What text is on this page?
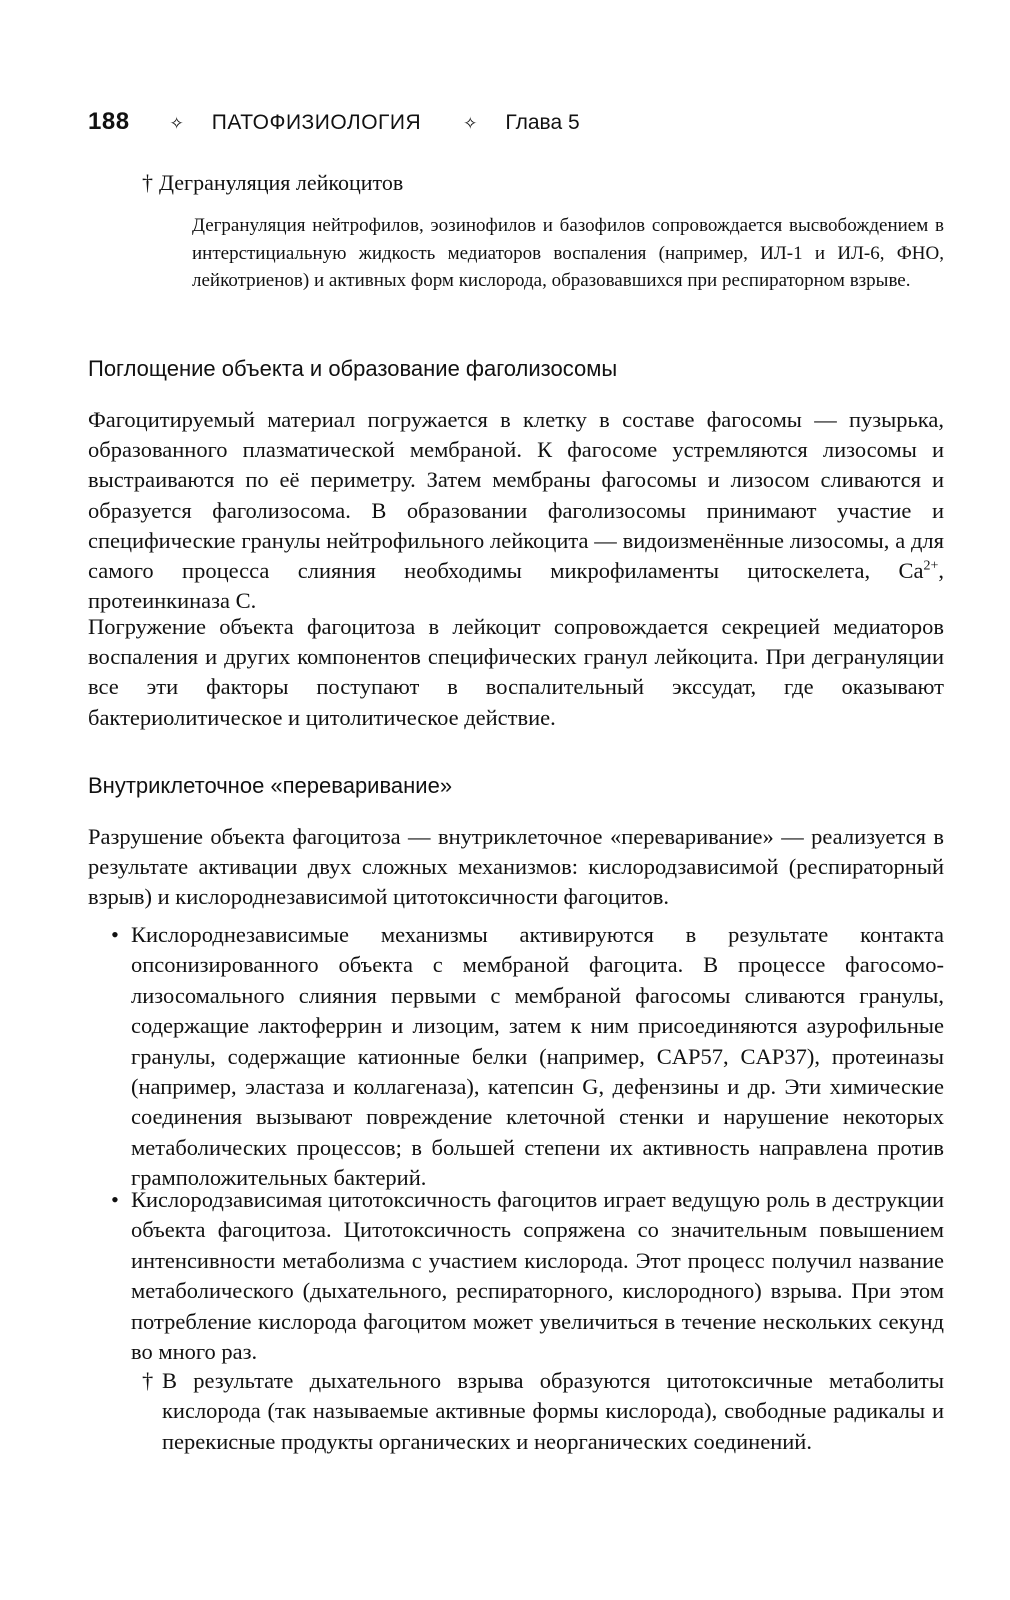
188 ✧ ПАТОФИЗИОЛОГИЯ ✧ Глава 5
† Дегрануляция лейкоцитов
Дегрануляция нейтрофилов, эозинофилов и базофилов сопровождается высвобождением в интерстициальную жидкость медиаторов воспаления (например, ИЛ-1 и ИЛ-6, ФНО, лейкотриенов) и активных форм кислорода, образовавшихся при респираторном взрыве.
Поглощение объекта и образование фаголизосомы
Фагоцитируемый материал погружается в клетку в составе фагосомы — пузырька, образованного плазматической мембраной. К фагосоме устремляются лизосомы и выстраиваются по её периметру. Затем мембраны фагосомы и лизосом сливаются и образуется фаголизосома. В образовании фаголизосомы принимают участие и специфические гранулы нейтрофильного лейкоцита — видоизменённые лизосомы, а для самого процесса слияния необходимы микрофиламенты цитоскелета, $Ca^{2+}$, протеинкиназа C.
Погружение объекта фагоцитоза в лейкоцит сопровождается секрецией медиаторов воспаления и других компонентов специфических гранул лейкоцита. При дегрануляции все эти факторы поступают в воспалительный экссудат, где оказывают бактериолитическое и цитолитическое действие.
Внутриклеточное «переваривание»
Разрушение объекта фагоцитоза — внутриклеточное «переваривание» — реализуется в результате активации двух сложных механизмов: кислородзависимой (респираторный взрыв) и кислороднезависимой цитотоксичности фагоцитов.
• Кислороднезависимые механизмы активируются в результате контакта опсонизированного объекта с мембраной фагоцита. В процессе фагосомо-лизосомального слияния первыми с мембраной фагосомы сливаются гранулы, содержащие лактоферрин и лизоцим, затем к ним присоединяются азурофильные гранулы, содержащие катионные белки (например, CAP57, CAP37), протеиназы (например, эластаза и коллагеназа), катепсин G, дефензины и др. Эти химические соединения вызывают повреждение клеточной стенки и нарушение некоторых метаболических процессов; в большей степени их активность направлена против грамположительных бактерий.
• Кислородзависимая цитотоксичность фагоцитов играет ведущую роль в деструкции объекта фагоцитоза. Цитотоксичность сопряжена со значительным повышением интенсивности метаболизма с участием кислорода. Этот процесс получил название метаболического (дыхательного, респираторного, кислородного) взрыва. При этом потребление кислорода фагоцитом может увеличиться в течение нескольких секунд во много раз.
† В результате дыхательного взрыва образуются цитотоксичные метаболиты кислорода (так называемые активные формы кислорода), свободные радикалы и перекисные продукты органических и неорганических соединений.
